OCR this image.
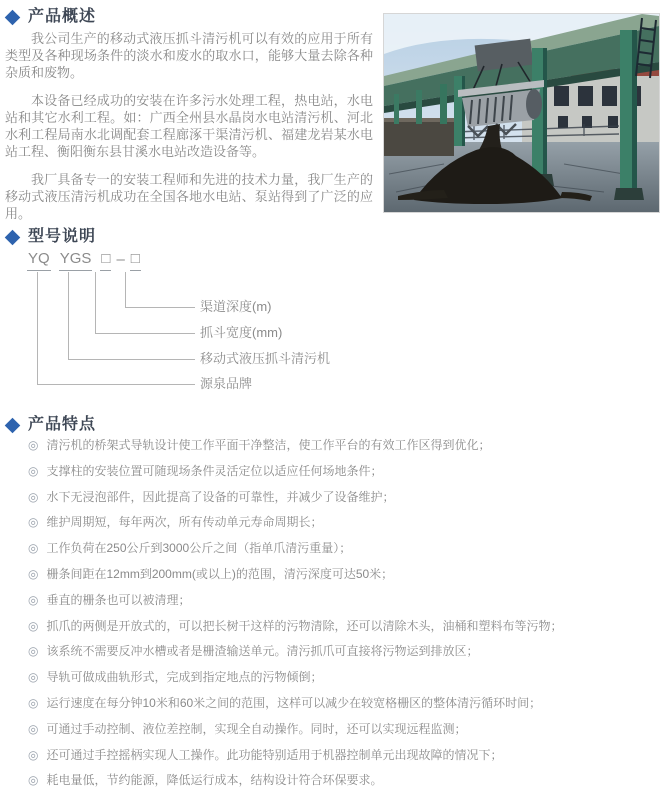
产品概述

我公司生产的移动式液压抓斗清污机可以有效的应用于所有类型及各种现场条件的淡水和废水的取水口，能够大量去除各种杂质和废物。

本设备已经成功的安装在许多污水处理工程，热电站，水电站和其它水利工程。如：广西全州县水晶岗水电站清污机、河北水利工程局南水北调配套工程廊涿干渠清污机、福建龙岩某水电站工程、衡阳衡东县甘溪水电站改造设备等。

我厂具备专一的安装工程师和先进的技术力量，我厂生产的移动式液压清污机成功在全国各地水电站、泵站得到了广泛的应用。

型号说明
YQ YGS □ – □
渠道深度(m)
抓斗宽度(mm)
移动式液压抓斗清污机
源泉品牌
产品特点
◎ 清污机的桥架式导轨设计使工作平面干净整洁，使工作平台的有效工作区得到优化；
◎ 支撑柱的安装位置可随现场条件灵活定位以适应任何场地条件；
◎ 水下无浸泡部件，因此提高了设备的可靠性，并减少了设备维护；
◎ 维护周期短，每年两次，所有传动单元寿命周期长；
◎ 工作负荷在250公斤到3000公斤之间（指单爪清污重量）；
◎ 栅条间距在12mm到200mm(或以上)的范围，清污深度可达50米；
◎ 垂直的栅条也可以被清理；
◎ 抓爪的两侧是开放式的，可以把长树干这样的污物清除，还可以清除木头，油桶和塑料布等污物；
◎ 该系统不需要反冲水槽或者是栅渣输送单元。清污抓爪可直接将污物运到排放区；
◎ 导轨可做成曲轨形式，完成到指定地点的污物倾倒；
◎ 运行速度在每分钟10米和60米之间的范围，这样可以减少在较宽格栅区的整体清污循环时间；
◎ 可通过手动控制、液位差控制，实现全自动操作。同时，还可以实现远程监测；
◎ 还可通过手控摇柄实现人工操作。此功能特别适用于机器控制单元出现故障的情况下；
◎ 耗电量低，节约能源，降低运行成本，结构设计符合环保要求。
